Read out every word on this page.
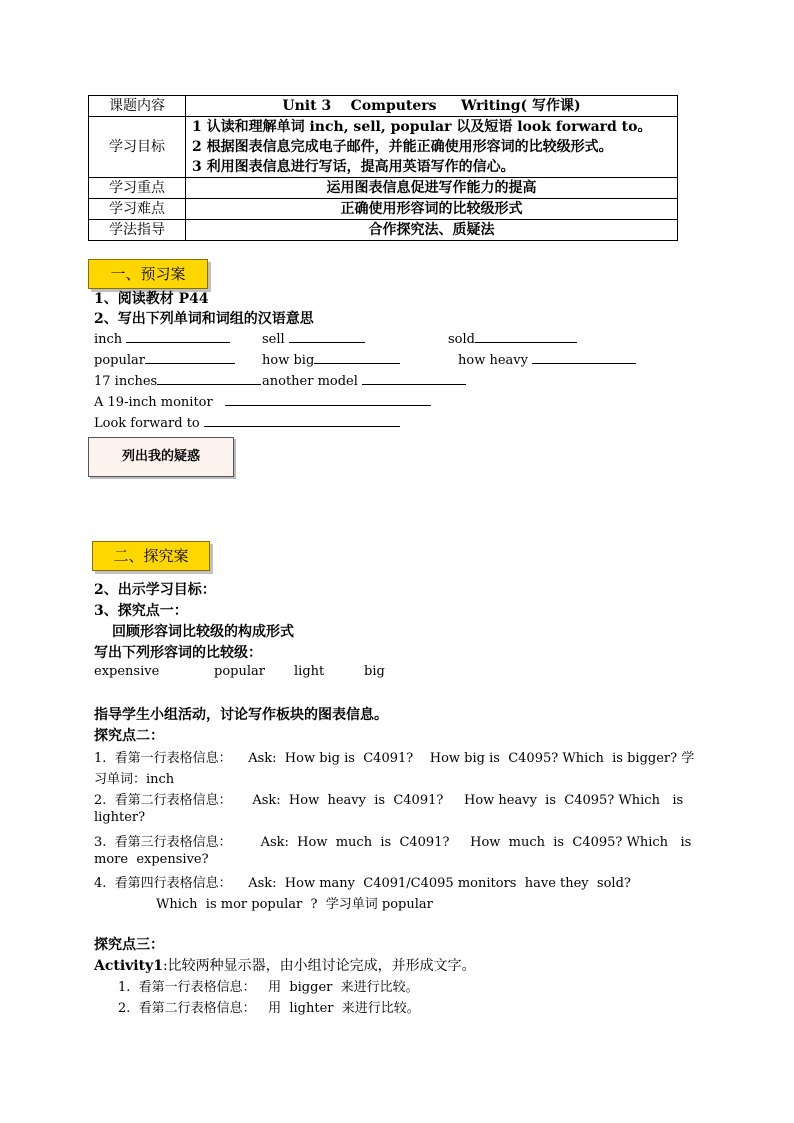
课题内容	Unit 3    Computers     Writing( 写作课)
学习目标	1 认读和理解单词 inch, sell, popular 以及短语 look forward to。
2 根据图表信息完成电子邮件，并能正确使用形容词的比较级形式。
3 利用图表信息进行写话，提高用英语写作的信心。

学习重点	运用图表信息促进写作能力的提高
学习难点	正确使用形容词的比较级形式
学法指导	合作探究法、质疑法
一、预习案
1、阅读教材 P44
2、写出下列单词和词组的汉语意思
inch	sell	sold
popular	how big	how heavy
17 inches	another model
A 19-inch monitor
Look forward to
列出我的疑惑
二、探究案
2、出示学习目标：
3、探究点一：
回顾形容词比较级的构成形式
写出下列形容词的比较级：
expensive	popular light	big
指导学生小组活动，讨论写作板块的图表信息。
探究点二：
1.  看第一行表格信息：    Ask:  How big is  C4091?    How big is  C4095? Which  is bigger? 学
习单词：inch
2.  看第二行表格信息：     Ask:  How  heavy  is  C4091?     How heavy  is  C4095? Which   is
lighter?
3.  看第三行表格信息：       Ask:  How  much  is  C4091?     How  much  is  C4095? Which   is
more  expensive?
4.  看第四行表格信息：    Ask:  How many  C4091/C4095 monitors  have they  sold?
Which  is mor popular  ?  学习单词 popular
探究点三：
Activity1:比较两种显示器，由小组讨论完成，并形成文字。
1.  看第一行表格信息：   用  bigger  来进行比较。
2.  看第二行表格信息：   用  lighter  来进行比较。
